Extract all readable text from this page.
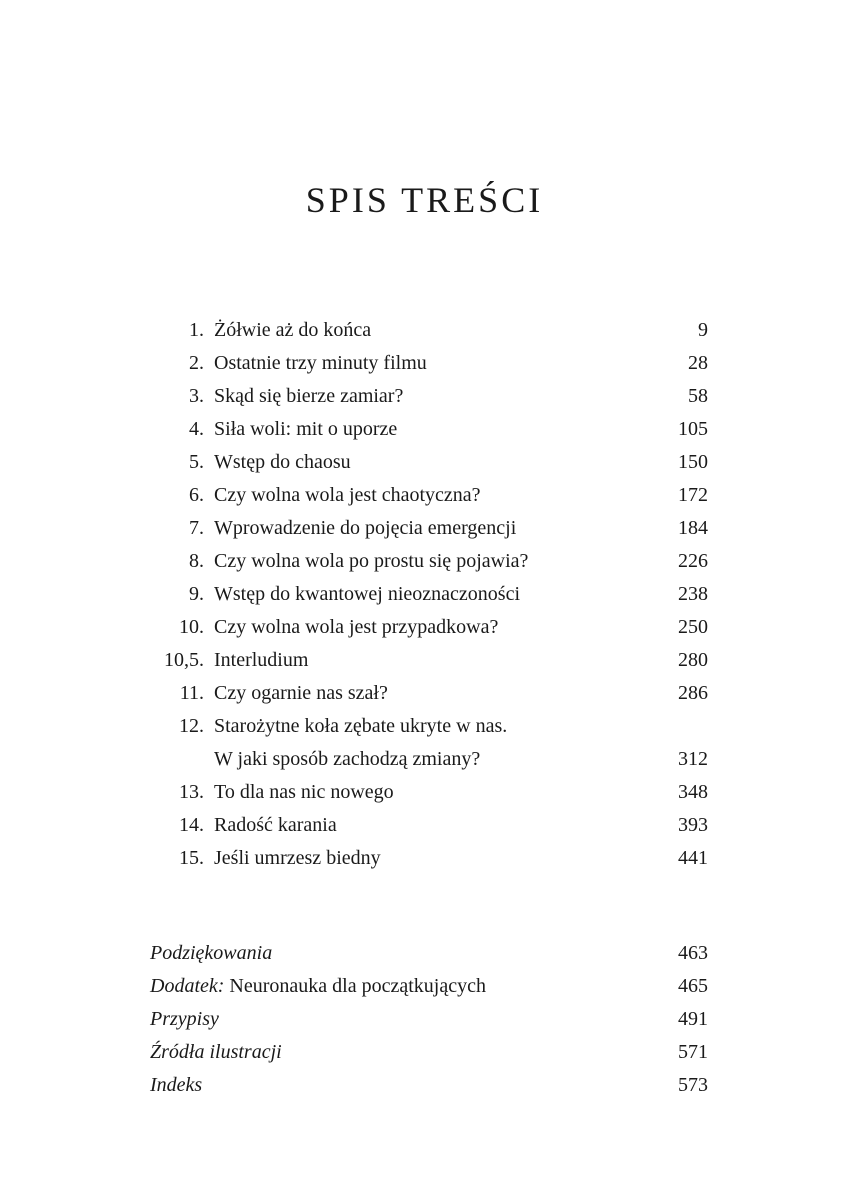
SPIS TREŚCI
1. Żółwie aż do końca	9
2. Ostatnie trzy minuty filmu	28
3. Skąd się bierze zamiar?	58
4. Siła woli: mit o uporze	105
5. Wstęp do chaosu	150
6. Czy wolna wola jest chaotyczna?	172
7. Wprowadzenie do pojęcia emergencji	184
8. Czy wolna wola po prostu się pojawia?	226
9. Wstęp do kwantowej nieoznaczoności	238
10. Czy wolna wola jest przypadkowa?	250
10,5. Interludium	280
11. Czy ogarnie nas szał?	286
12. Starożytne koła zębate ukryte w nas.
W jaki sposób zachodzą zmiany?	312
13. To dla nas nic nowego	348
14. Radość karania	393
15. Jeśli umrzesz biedny	441
Podziękowania	463
Dodatek: Neuronauka dla początkujących	465
Przypisy	491
Źródła ilustracji	571
Indeks	573
